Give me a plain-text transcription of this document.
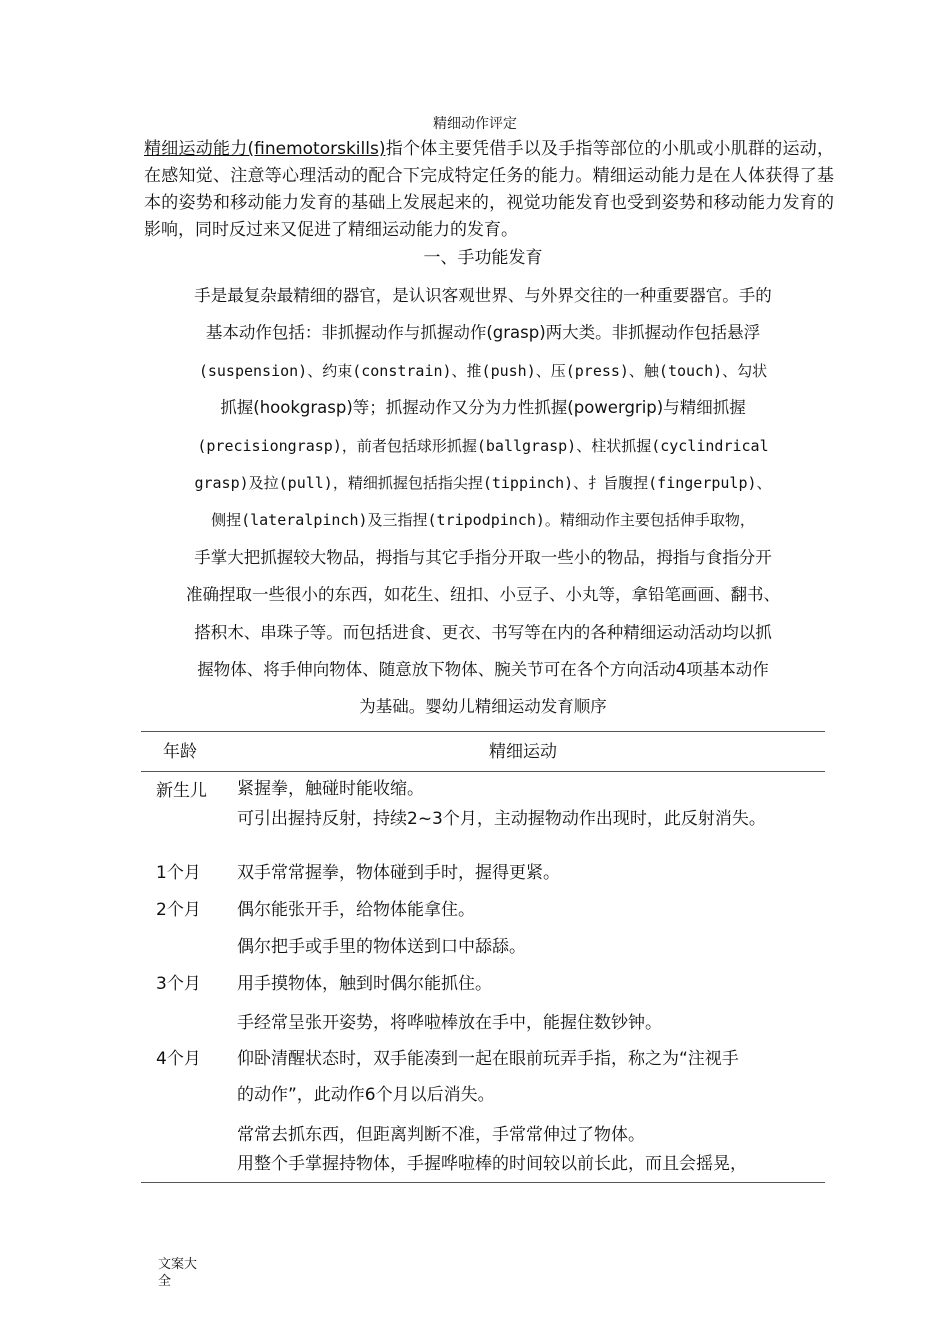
精细动作评定
精细运动能力(finemotorskills)指个体主要凭借手以及手指等部位的小肌或小肌群的运动，在感知觉、注意等心理活动的配合下完成特定任务的能力。精细运动能力是在人体获得了基本的姿势和移动能力发育的基础上发展起来的，视觉功能发育也受到姿势和移动能力发育的影响，同时反过来又促进了精细运动能力的发育。
一、手功能发育
手是最复杂最精细的器官，是认识客观世界、与外界交往的一种重要器官。手的
基本动作包括：非抓握动作与抓握动作(grasp)两大类。非抓握动作包括悬浮
(suspension)、约束(constrain)、推(push)、压(press)、触(touch)、勾状
抓握(hookgrasp)等；抓握动作又分为力性抓握(powergrip)与精细抓握
(precisiongrasp)，前者包括球形抓握(ballgrasp)、柱状抓握(cyclindrical
grasp)及拉(pull)，精细抓握包括指尖捏(tippinch)、扌旨腹捏(fingerpulp)、
侧捏(lateralpinch)及三指捏(tripodpinch)。精细动作主要包括伸手取物，
手掌大把抓握较大物品，拇指与其它手指分开取一些小的物品，拇指与食指分开
准确捏取一些很小的东西，如花生、纽扣、小豆子、小丸等，拿铅笔画画、翻书、
搭积木、串珠子等。而包括进食、更衣、书写等在内的各种精细运动活动均以抓
握物体、将手伸向物体、随意放下物体、腕关节可在各个方向活动4项基本动作
为基础。婴幼儿精细运动发育顺序
年龄	精细运动
新生儿 紧握拳，触碰时能收缩。
可引出握持反射，持续2~3个月，主动握物动作出现时，此反射消失。
1个月 双手常常握拳，物体碰到手时，握得更紧。
2个月 偶尔能张开手，给物体能拿住。
偶尔把手或手里的物体送到口中舔舔。
3个月 用手摸物体，触到时偶尔能抓住。
手经常呈张开姿势，将哗啦棒放在手中，能握住数钞钟。
4个月 仰卧清醒状态时，双手能凑到一起在眼前玩弄手指，称之为“注视手
的动作”，此动作6个月以后消失。
常常去抓东西，但距离判断不准，手常常伸过了物体。
用整个手掌握持物体，手握哗啦棒的时间较以前长此，而且会摇晃，
文案大全
